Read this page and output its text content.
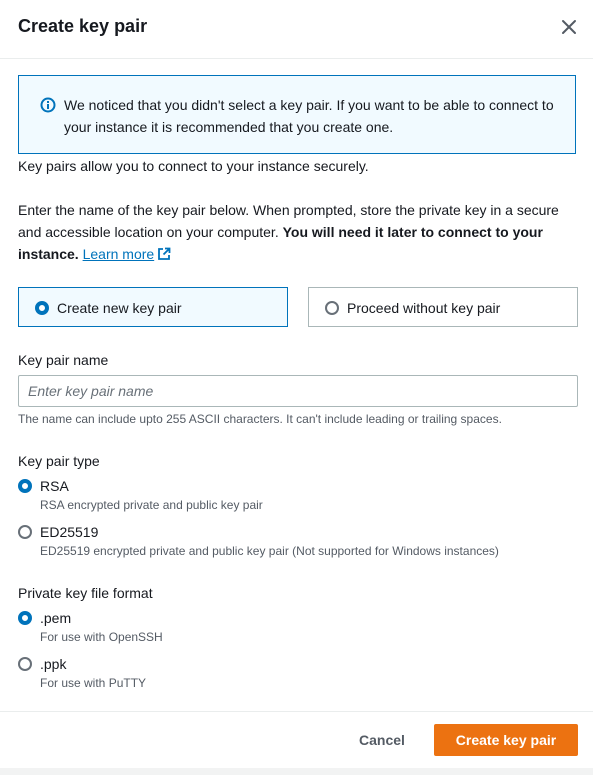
Create key pair
We noticed that you didn't select a key pair. If you want to be able to connect to your instance it is recommended that you create one.
Key pairs allow you to connect to your instance securely.
Enter the name of the key pair below. When prompted, store the private key in a secure and accessible location on your computer. You will need it later to connect to your instance. Learn more
Create new key pair	Proceed without key pair
Key pair name
Enter key pair name
The name can include upto 255 ASCII characters. It can't include leading or trailing spaces.
Key pair type
RSA
RSA encrypted private and public key pair
ED25519
ED25519 encrypted private and public key pair (Not supported for Windows instances)
Private key file format
.pem
For use with OpenSSH
.ppk
For use with PuTTY
Cancel	Create key pair
